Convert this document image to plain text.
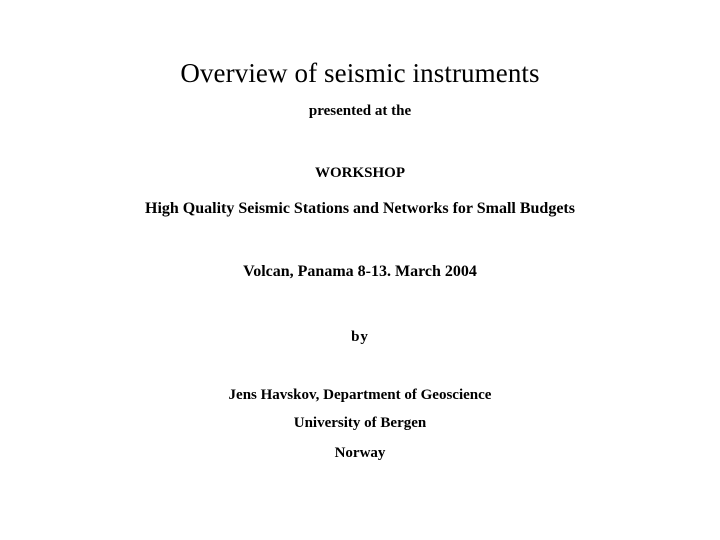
Overview of seismic instruments
presented at the
WORKSHOP
High Quality Seismic Stations and Networks for Small Budgets
Volcan, Panama 8-13. March 2004
by
Jens Havskov, Department of Geoscience
University of Bergen
Norway
